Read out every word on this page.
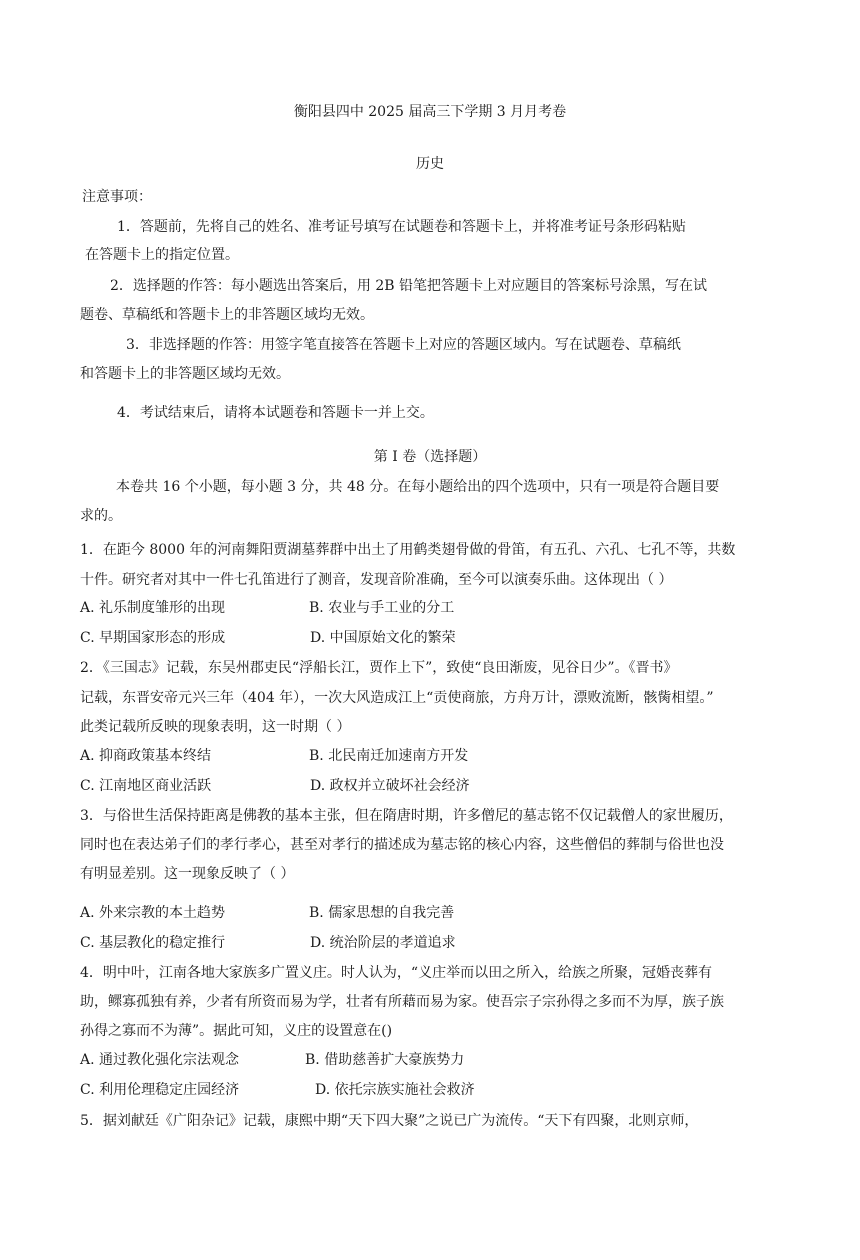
衡阳县四中 2025 届高三下学期 3 月月考卷
历史
注意事项：
1．答题前，先将自己的姓名、准考证号填写在试题卷和答题卡上，并将准考证号条形码粘贴
在答题卡上的指定位置。
2．选择题的作答：每小题选出答案后，用 2B 铅笔把答题卡上对应题目的答案标号涂黑，写在试
题卷、草稿纸和答题卡上的非答题区域均无效。
3．非选择题的作答：用签字笔直接答在答题卡上对应的答题区域内。写在试题卷、草稿纸
和答题卡上的非答题区域均无效。
4．考试结束后，请将本试题卷和答题卡一并上交。
第 I 卷（选择题）
本卷共 16 个小题，每小题 3 分，共 48 分。在每小题给出的四个选项中，只有一项是符合题目要
求的。
1．在距今 8000 年的河南舞阳贾湖墓葬群中出土了用鹤类翅骨做的骨笛，有五孔、六孔、七孔不等，共数
十件。研究者对其中一件七孔笛进行了测音，发现音阶准确，至今可以演奏乐曲。这体现出（ ）
A. 礼乐制度雏形的出现	B. 农业与手工业的分工
C. 早期国家形态的形成	D. 中国原始文化的繁荣
2．《三国志》记载，东吴州郡吏民“浮船长江，贾作上下”，致使“良田渐废，见谷日少”。《晋书》
记载，东晋安帝元兴三年（404 年），一次大风造成江上“贡使商旅，方舟万计，漂败流断，骸胔相望。”
此类记载所反映的现象表明，这一时期（ ）
A. 抑商政策基本终结	B. 北民南迁加速南方开发
C. 江南地区商业活跃	D. 政权并立破坏社会经济
3．与俗世生活保持距离是佛教的基本主张，但在隋唐时期，许多僧尼的墓志铭不仅记载僧人的家世履历，
同时也在表达弟子们的孝行孝心，甚至对孝行的描述成为墓志铭的核心内容，这些僧侣的葬制与俗世也没
有明显差别。这一现象反映了（ ）
A. 外来宗教的本土趋势	B. 儒家思想的自我完善
C. 基层教化的稳定推行	D. 统治阶层的孝道追求
4．明中叶，江南各地大家族多广置义庄。时人认为，“义庄举而以田之所入，给族之所聚，冠婚丧葬有
助，鳏寡孤独有养，少者有所资而易为学，壮者有所藉而易为家。使吾宗子宗孙得之多而不为厚，族子族
孙得之寡而不为薄”。据此可知，义庄的设置意在()
A. 通过教化强化宗法观念	B. 借助慈善扩大豪族势力
C. 利用伦理稳定庄园经济	D. 依托宗族实施社会救济
5．据刘献廷《广阳杂记》记载，康熙中期“天下四大聚”之说已广为流传。“天下有四聚，北则京师，
